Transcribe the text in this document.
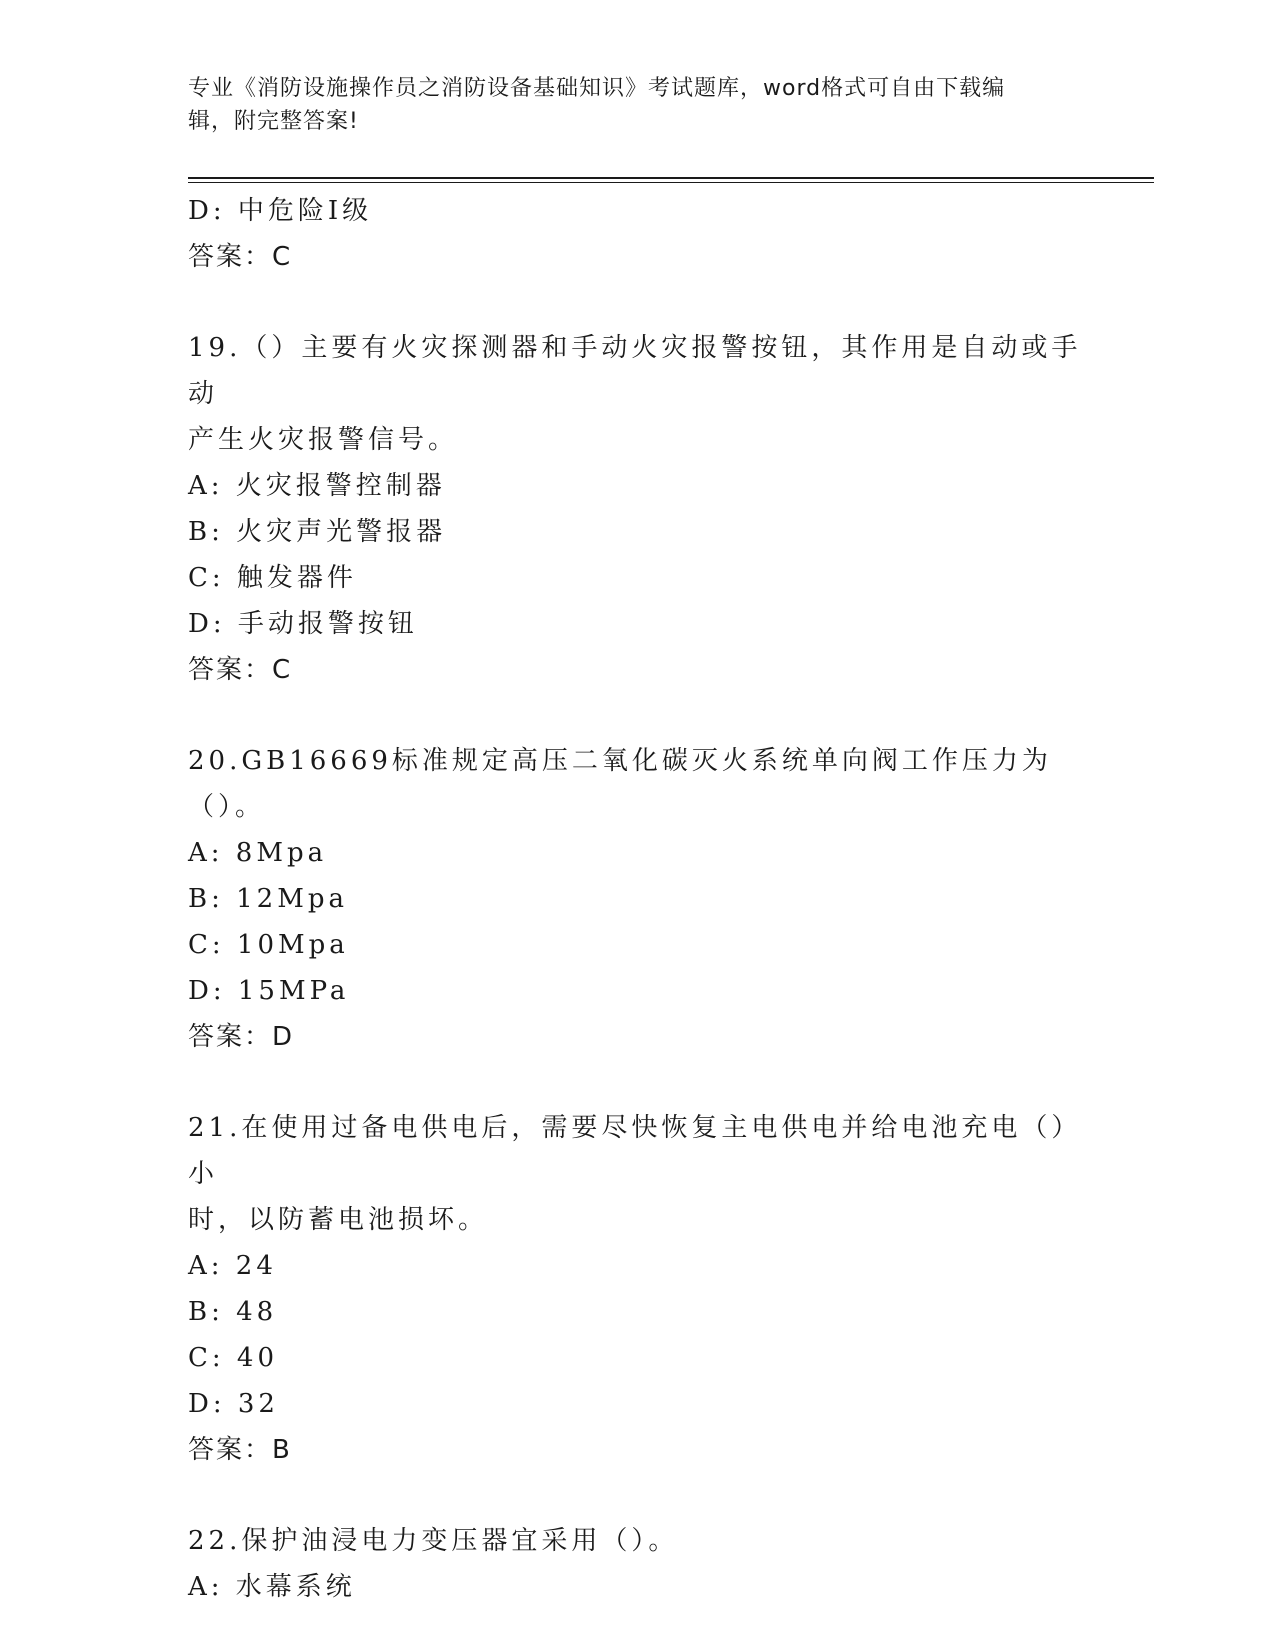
专业《消防设施操作员之消防设备基础知识》考试题库，word格式可自由下载编
辑，附完整答案!
D: 中危险Ⅰ级
答案：C
19.（）主要有火灾探测器和手动火灾报警按钮，其作用是自动或手动
产生火灾报警信号。
A: 火灾报警控制器
B: 火灾声光警报器
C: 触发器件
D: 手动报警按钮
答案：C
20.GB16669标准规定高压二氧化碳灭火系统单向阀工作压力为（）。
A: 8Mpa
B: 12Mpa
C: 10Mpa
D: 15MPa
答案：D
21.在使用过备电供电后，需要尽快恢复主电供电并给电池充电（）小
时，以防蓄电池损坏。
A: 24
B: 48
C: 40
D: 32
答案：B
22.保护油浸电力变压器宜采用（）。
A: 水幕系统
